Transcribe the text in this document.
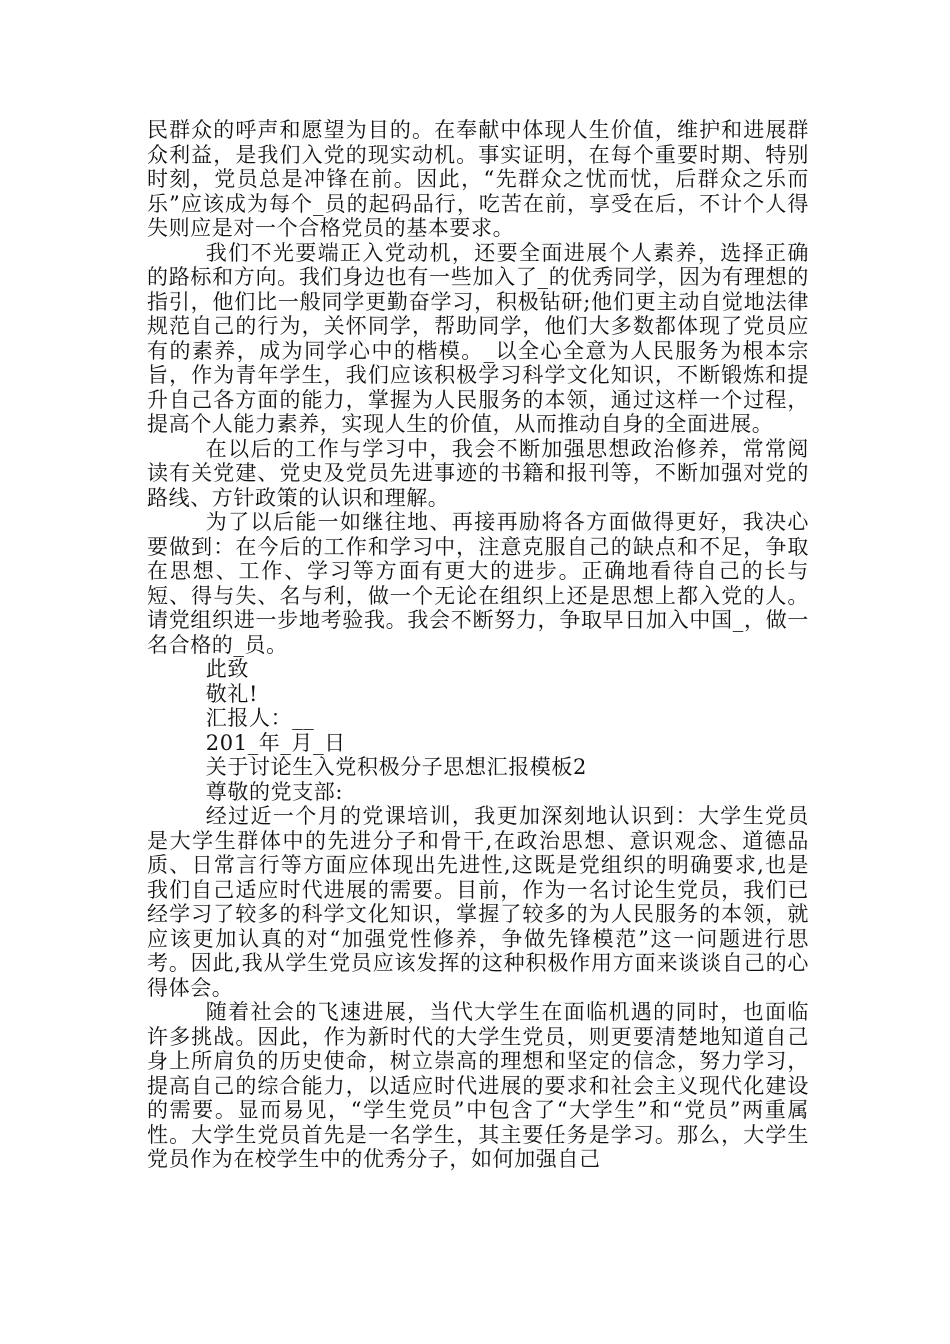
民群众的呼声和愿望为目的。在奉献中体现人生价值，维护和进展群众利益，是我们入党的现实动机。事实证明，在每个重要时期、特别时刻，党员总是冲锋在前。因此，“先群众之忧而忧，后群众之乐而乐”应该成为每个_员的起码品行，吃苦在前，享受在后，不计个人得失则应是对一个合格党员的基本要求。

我们不光要端正入党动机，还要全面进展个人素养，选择正确的路标和方向。我们身边也有一些加入了_的优秀同学，因为有理想的指引，他们比一般同学更勤奋学习，积极钻研;他们更主动自觉地法律规范自己的行为，关怀同学，帮助同学，他们大多数都体现了党员应有的素养，成为同学心中的楷模。_以全心全意为人民服务为根本宗旨，作为青年学生，我们应该积极学习科学文化知识，不断锻炼和提升自己各方面的能力，掌握为人民服务的本领，通过这样一个过程，提高个人能力素养，实现人生的价值，从而推动自身的全面进展。

在以后的工作与学习中，我会不断加强思想政治修养，常常阅读有关党建、党史及党员先进事迹的书籍和报刊等，不断加强对党的路线、方针政策的认识和理解。

为了以后能一如继往地、再接再励将各方面做得更好，我决心要做到：在今后的工作和学习中，注意克服自己的缺点和不足，争取在思想、工作、学习等方面有更大的进步。正确地看待自己的长与短、得与失、名与利，做一个无论在组织上还是思想上都入党的人。请党组织进一步地考验我。我会不断努力，争取早日加入中国_，做一名合格的_员。

此致

敬礼!

汇报人：__

201_年_月_日

关于讨论生入党积极分子思想汇报模板2

尊敬的党支部:

经过近一个月的党课培训，我更加深刻地认识到：大学生党员是大学生群体中的先进分子和骨干,在政治思想、意识观念、道德品质、日常言行等方面应体现出先进性,这既是党组织的明确要求,也是我们自己适应时代进展的需要。目前，作为一名讨论生党员，我们已经学习了较多的科学文化知识，掌握了较多的为人民服务的本领，就应该更加认真的对“加强党性修养，争做先锋模范”这一问题进行思考。因此,我从学生党员应该发挥的这种积极作用方面来谈谈自己的心得体会。

随着社会的飞速进展，当代大学生在面临机遇的同时，也面临许多挑战。因此，作为新时代的大学生党员，则更要清楚地知道自己身上所肩负的历史使命，树立崇高的理想和坚定的信念，努力学习，提高自己的综合能力，以适应时代进展的要求和社会主义现代化建设的需要。显而易见，“学生党员”中包含了“大学生”和“党员”两重属性。大学生党员首先是一名学生，其主要任务是学习。那么，大学生党员作为在校学生中的优秀分子，如何加强自己
